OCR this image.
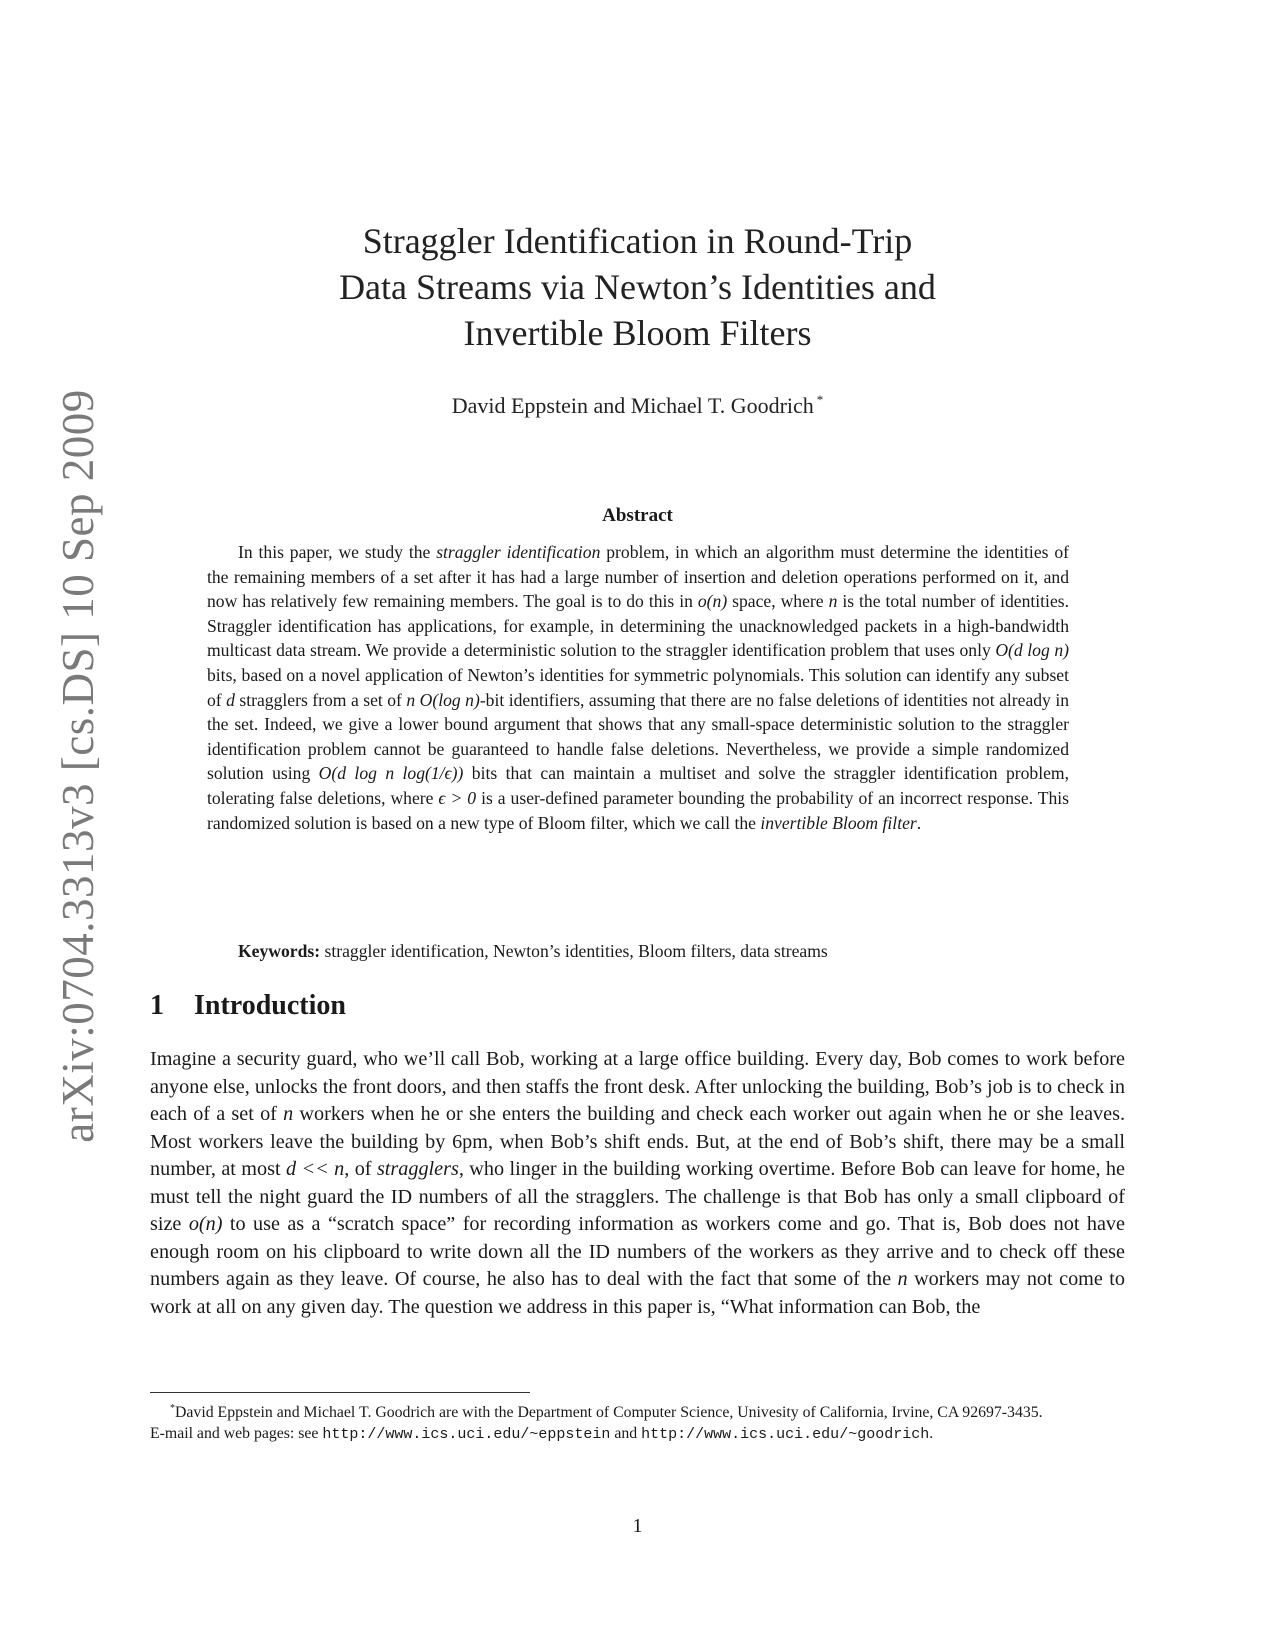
arXiv:0704.3313v3 [cs.DS] 10 Sep 2009
Straggler Identification in Round-Trip
Data Streams via Newton’s Identities and
Invertible Bloom Filters
David Eppstein and Michael T. Goodrich *
Abstract

In this paper, we study the straggler identification problem, in which an algorithm must determine the identities of the remaining members of a set after it has had a large number of insertion and deletion operations performed on it, and now has relatively few remaining members. The goal is to do this in o(n) space, where n is the total number of identities. Straggler identification has applications, for example, in determining the unacknowledged packets in a high-bandwidth multicast data stream. We provide a deterministic solution to the straggler identification problem that uses only O(d log n) bits, based on a novel application of Newton’s identities for symmetric polynomials. This solution can identify any subset of d stragglers from a set of n O(log n)-bit identifiers, assuming that there are no false deletions of identities not already in the set. Indeed, we give a lower bound argument that shows that any small-space deterministic solution to the straggler identification problem cannot be guaranteed to handle false deletions. Nevertheless, we provide a simple randomized solution using O(d log n log(1/ϵ)) bits that can maintain a multiset and solve the straggler identification problem, tolerating false deletions, where ϵ > 0 is a user-defined parameter bounding the probability of an incorrect response. This randomized solution is based on a new type of Bloom filter, which we call the invertible Bloom filter.

Keywords: straggler identification, Newton’s identities, Bloom filters, data streams
1 Introduction

Imagine a security guard, who we’ll call Bob, working at a large office building. Every day, Bob comes to work before anyone else, unlocks the front doors, and then staffs the front desk. After unlocking the building, Bob’s job is to check in each of a set of n workers when he or she enters the building and check each worker out again when he or she leaves. Most workers leave the building by 6pm, when Bob’s shift ends. But, at the end of Bob’s shift, there may be a small number, at most d << n, of stragglers, who linger in the building working overtime. Before Bob can leave for home, he must tell the night guard the ID numbers of all the stragglers. The challenge is that Bob has only a small clipboard of size o(n) to use as a “scratch space” for recording information as workers come and go. That is, Bob does not have enough room on his clipboard to write down all the ID numbers of the workers as they arrive and to check off these numbers again as they leave. Of course, he also has to deal with the fact that some of the n workers may not come to work at all on any given day. The question we address in this paper is, “What information can Bob, the

*David Eppstein and Michael T. Goodrich are with the Department of Computer Science, Univesity of California, Irvine, CA 92697-3435.

E-mail and web pages: see http://www.ics.uci.edu/~eppstein and http://www.ics.uci.edu/~goodrich.

1
